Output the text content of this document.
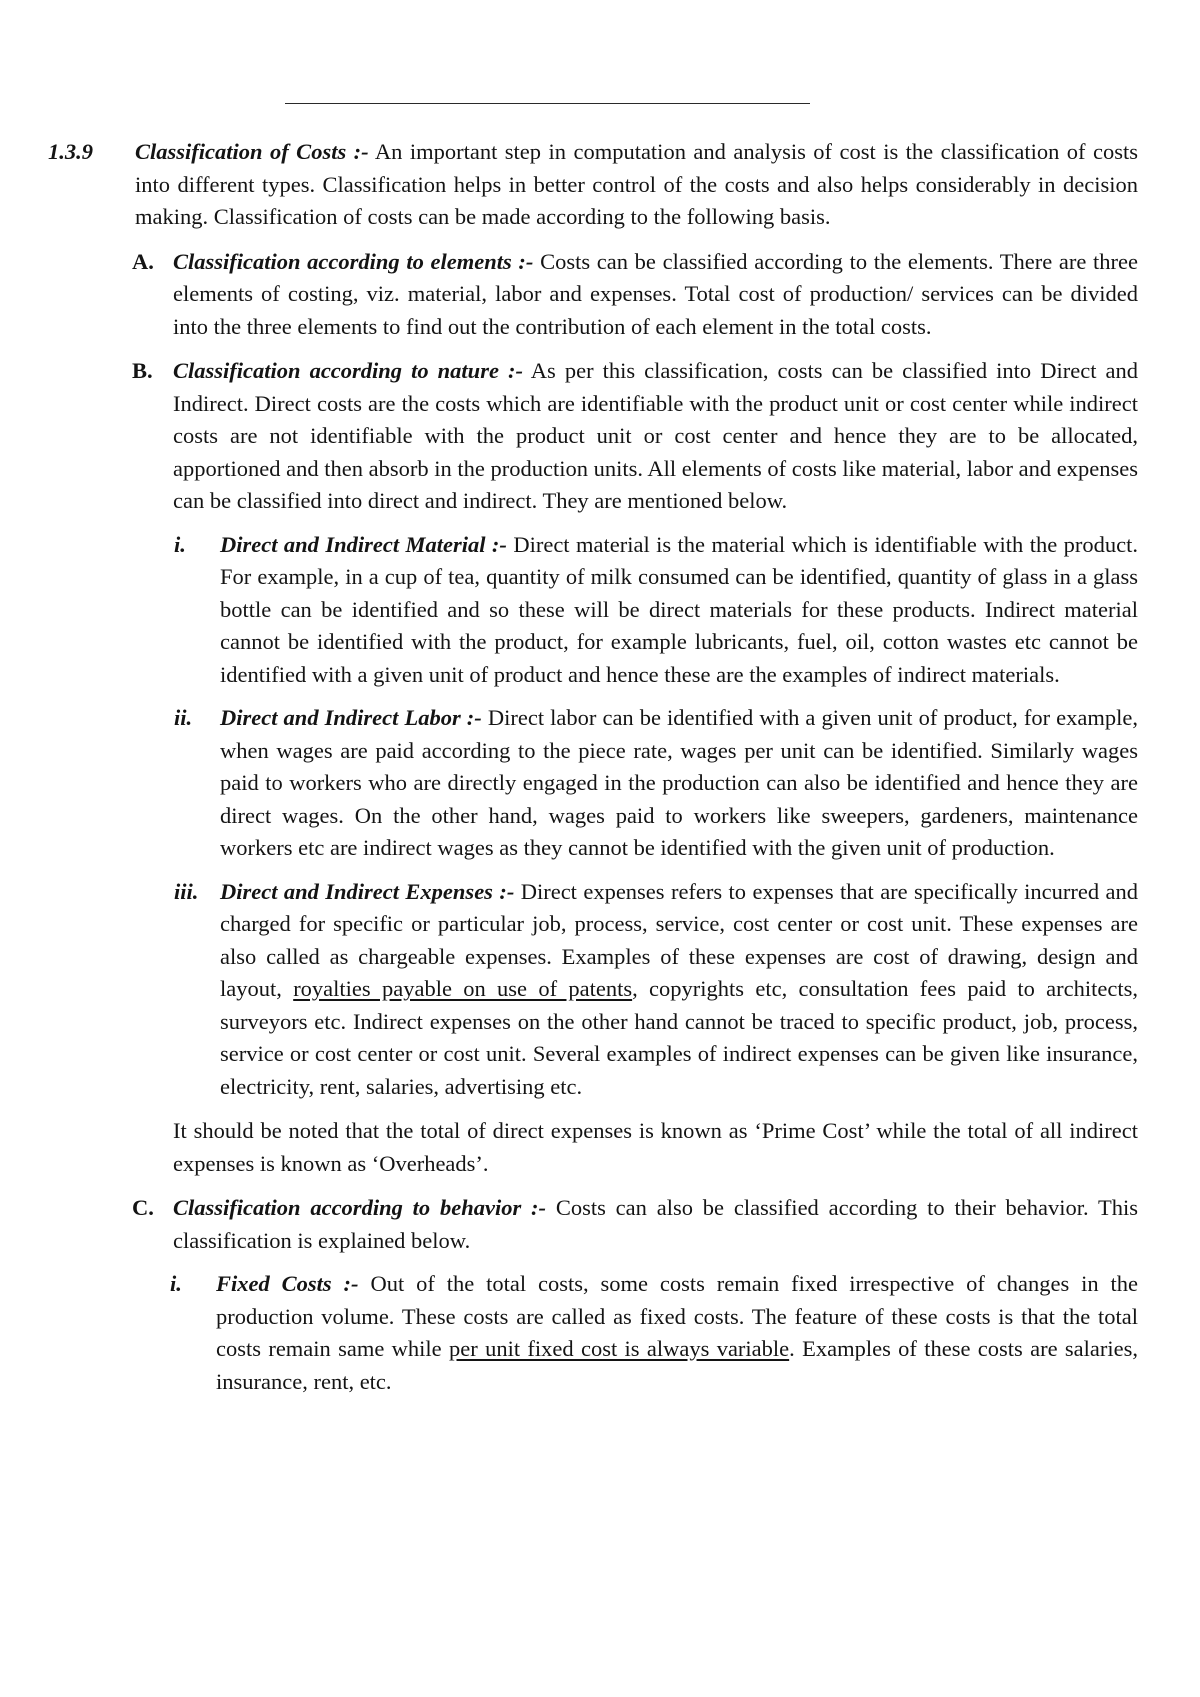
1.3.9	Classification of Costs :- An important step in computation and analysis of cost is the classification of costs into different types. Classification helps in better control of the costs and also helps considerably in decision making. Classification of costs can be made according to the following basis.
A. Classification according to elements :- Costs can be classified according to the elements. There are three elements of costing, viz. material, labor and expenses. Total cost of production/ services can be divided into the three elements to find out the contribution of each element in the total costs.
B. Classification according to nature :- As per this classification, costs can be classified into Direct and Indirect. Direct costs are the costs which are identifiable with the product unit or cost center while indirect costs are not identifiable with the product unit or cost center and hence they are to be allocated, apportioned and then absorb in the production units. All elements of costs like material, labor and expenses can be classified into direct and indirect. They are mentioned below.
i.	Direct and Indirect Material :- Direct material is the material which is identifiable with the product. For example, in a cup of tea, quantity of milk consumed can be identified, quantity of glass in a glass bottle can be identified and so these will be direct materials for these products. Indirect material cannot be identified with the product, for example lubricants, fuel, oil, cotton wastes etc cannot be identified with a given unit of product and hence these are the examples of indirect materials.
ii.	Direct and Indirect Labor :- Direct labor can be identified with a given unit of product, for example, when wages are paid according to the piece rate, wages per unit can be identified. Similarly wages paid to workers who are directly engaged in the production can also be identified and hence they are direct wages. On the other hand, wages paid to workers like sweepers, gardeners, maintenance workers etc are indirect wages as they cannot be identified with the given unit of production.
iii. Direct and Indirect Expenses :- Direct expenses refers to expenses that are specifically incurred and charged for specific or particular job, process, service, cost center or cost unit. These expenses are also called as chargeable expenses. Examples of these expenses are cost of drawing, design and layout, royalties payable on use of patents, copyrights etc, consultation fees paid to architects, surveyors etc. Indirect expenses on the other hand cannot be traced to specific product, job, process, service or cost center or cost unit. Several examples of indirect expenses can be given like insurance, electricity, rent, salaries, advertising etc.
It should be noted that the total of direct expenses is known as ‘Prime Cost’ while the total of all indirect expenses is known as ‘Overheads’.
C. Classification according to behavior :- Costs can also be classified according to their behavior. This classification is explained below.
i.	Fixed Costs :- Out of the total costs, some costs remain fixed irrespective of changes in the production volume. These costs are called as fixed costs. The feature of these costs is that the total costs remain same while per unit fixed cost is always variable. Examples of these costs are salaries, insurance, rent, etc.
